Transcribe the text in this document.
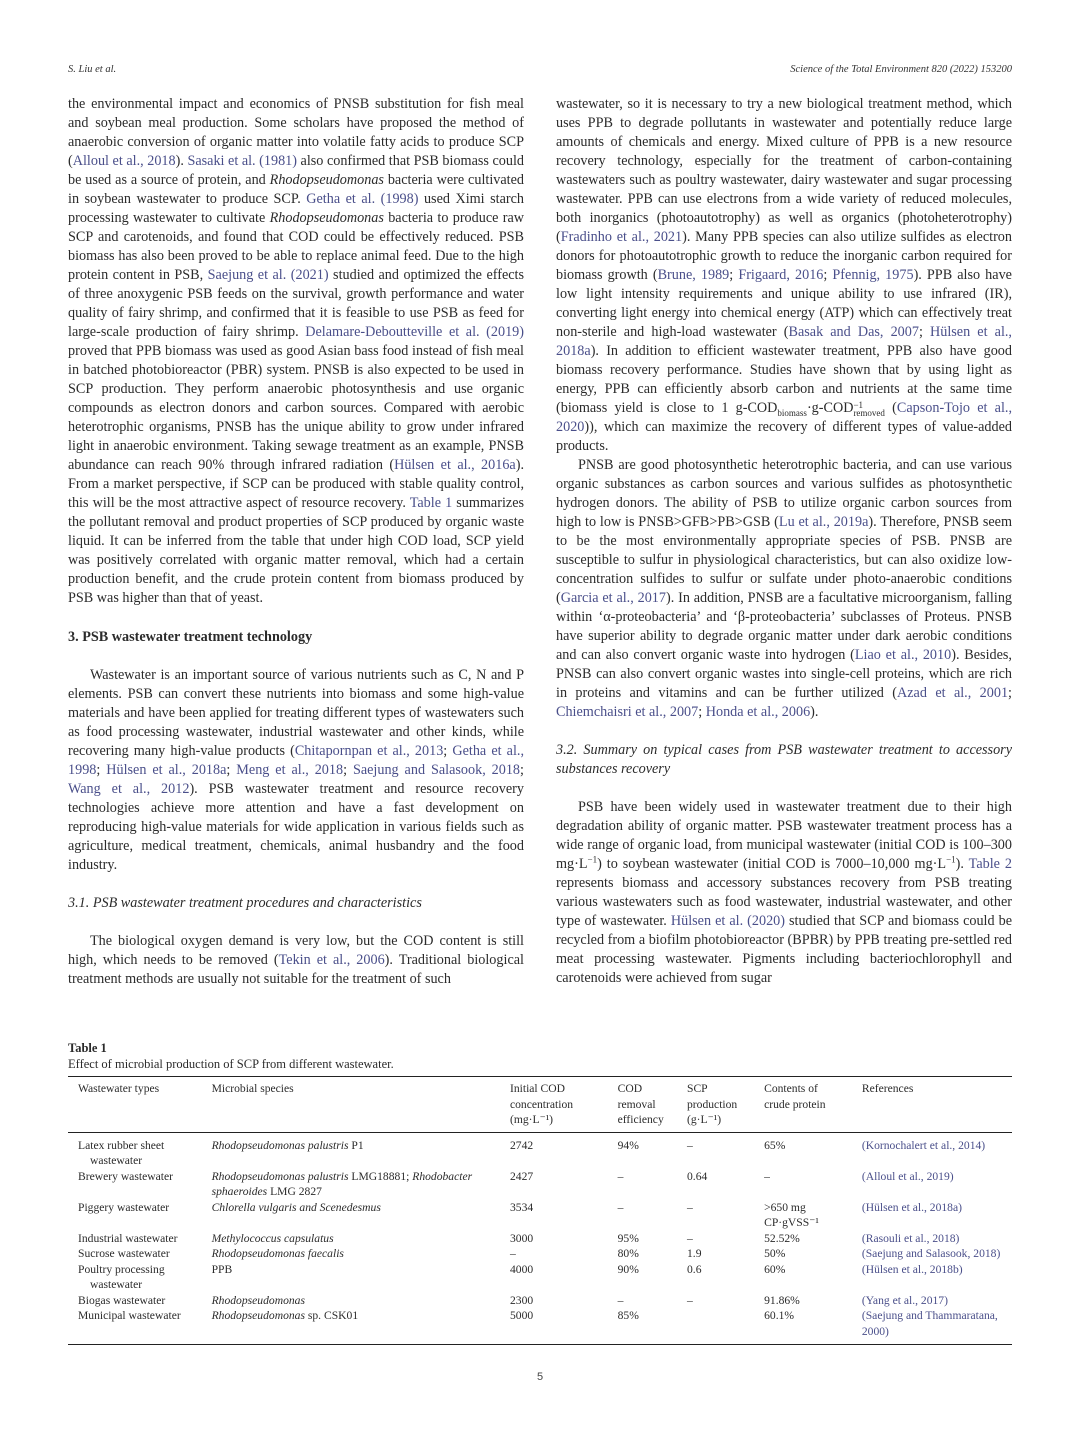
S. Liu et al.	Science of the Total Environment 820 (2022) 153200

the environmental impact and economics of PNSB substitution for fish meal and soybean meal production. Some scholars have proposed the method of anaerobic conversion of organic matter into volatile fatty acids to produce SCP (Alloul et al., 2018). Sasaki et al. (1981) also confirmed that PSB biomass could be used as a source of protein, and Rhodopseudomonas bacteria were cultivated in soybean wastewater to produce SCP. Getha et al. (1998) used Ximi starch processing wastewater to cultivate Rhodopseudomonas bacteria to produce raw SCP and carotenoids, and found that COD could be effectively reduced. PSB biomass has also been proved to be able to replace animal feed. Due to the high protein content in PSB, Saejung et al. (2021) studied and optimized the effects of three anoxygenic PSB feeds on the survival, growth performance and water quality of fairy shrimp, and confirmed that it is feasible to use PSB as feed for large-scale production of fairy shrimp. Delamare-Deboutteville et al. (2019) proved that PPB biomass was used as good Asian bass food instead of fish meal in batched photobioreactor (PBR) system. PNSB is also expected to be used in SCP production. They perform anaerobic photosynthesis and use organic compounds as electron donors and carbon sources. Compared with aerobic heterotrophic organisms, PNSB has the unique ability to grow under infrared light in anaerobic environment. Taking sewage treatment as an example, PNSB abundance can reach 90% through infrared radiation (Hülsen et al., 2016a). From a market perspective, if SCP can be produced with stable quality control, this will be the most attractive aspect of resource recovery. Table 1 summarizes the pollutant removal and product properties of SCP produced by organic waste liquid. It can be inferred from the table that under high COD load, SCP yield was positively correlated with organic matter removal, which had a certain production benefit, and the crude protein content from biomass produced by PSB was higher than that of yeast.

3. PSB wastewater treatment technology

Wastewater is an important source of various nutrients such as C, N and P elements. PSB can convert these nutrients into biomass and some high-value materials and have been applied for treating different types of wastewaters such as food processing wastewater, industrial wastewater and other kinds, while recovering many high-value products (Chitapornpan et al., 2013; Getha et al., 1998; Hülsen et al., 2018a; Meng et al., 2018; Saejung and Salasook, 2018; Wang et al., 2012). PSB wastewater treatment and resource recovery technologies achieve more attention and have a fast development on reproducing high-value materials for wide application in various fields such as agriculture, medical treatment, chemicals, animal husbandry and the food industry.

3.1. PSB wastewater treatment procedures and characteristics

The biological oxygen demand is very low, but the COD content is still high, which needs to be removed (Tekin et al., 2006). Traditional biological treatment methods are usually not suitable for the treatment of such

wastewater, so it is necessary to try a new biological treatment method, which uses PPB to degrade pollutants in wastewater and potentially reduce large amounts of chemicals and energy. Mixed culture of PPB is a new resource recovery technology, especially for the treatment of carbon-containing wastewaters such as poultry wastewater, dairy wastewater and sugar processing wastewater. PPB can use electrons from a wide variety of reduced molecules, both inorganics (photoautotrophy) as well as organics (photoheterotrophy) (Fradinho et al., 2021). Many PPB species can also utilize sulfides as electron donors for photoautotrophic growth to reduce the inorganic carbon required for biomass growth (Brune, 1989; Frigaard, 2016; Pfennig, 1975). PPB also have low light intensity requirements and unique ability to use infrared (IR), converting light energy into chemical energy (ATP) which can effectively treat non-sterile and high-load wastewater (Basak and Das, 2007; Hülsen et al., 2018a). In addition to efficient wastewater treatment, PPB also have good biomass recovery performance. Studies have shown that by using light as energy, PPB can efficiently absorb carbon and nutrients at the same time (biomass yield is close to 1 $g-COD_{biomass}\cdot g$-COD −1
removed (Capson-Tojo et al., 2020)), which can maximize the recovery of different types of value-added products.

PNSB are good photosynthetic heterotrophic bacteria, and can use various organic substances as carbon sources and various sulfides as photosynthetic hydrogen donors. The ability of PSB to utilize organic carbon sources from high to low is PNSB˃GFB˃PB˃GSB (Lu et al., 2019a). Therefore, PNSB seem to be the most environmentally appropriate species of PSB. PNSB are susceptible to sulfur in physiological characteristics, but can also oxidize low-concentration sulfides to sulfur or sulfate under photo-anaerobic conditions (Garcia et al., 2017). In addition, PNSB are a facultative microorganism, falling within ‘α-proteobacteria’ and ‘β-proteobacteria’ subclasses of Proteus. PNSB have superior ability to degrade organic matter under dark aerobic conditions and can also convert organic waste into hydrogen (Liao et al., 2010). Besides, PNSB can also convert organic wastes into single-cell proteins, which are rich in proteins and vitamins and can be further utilized (Azad et al., 2001; Chiemchaisri et al., 2007; Honda et al., 2006).

3.2. Summary on typical cases from PSB wastewater treatment to accessory substances recovery

PSB have been widely used in wastewater treatment due to their high degradation ability of organic matter. PSB wastewater treatment process has a wide range of organic load, from municipal wastewater (initial COD is 100–300 $mg\cdot L^{-1}$) to soybean wastewater (initial COD is 7000–10,000 $mg\cdot L^{-1}$). Table 2 represents biomass and accessory substances recovery from PSB treating various wastewaters such as food wastewater, industrial wastewater, and other type of wastewater. Hülsen et al. (2020) studied that SCP and biomass could be recycled from a biofilm photobioreactor (BPBR) by PPB treating pre-settled red meat processing wastewater. Pigments including bacteriochlorophyll and carotenoids were achieved from sugar

Table 1
Effect of microbial production of SCP from different wastewater.
Wastewater types	Microbial species	Initial COD concentration (mg·L⁻¹)	COD removal efficiency	SCP production (g·L⁻¹)	Contents of crude protein	References
Latex rubber sheet
wastewater	Rhodopseudomonas palustris P1	2742	94%	–	65%	(Kornochalert et al., 2014)
Brewery wastewater	Rhodopseudomonas palustris LMG18881; Rhodobacter sphaeroides LMG 2827	2427	–	0.64	–	(Alloul et al., 2019)
Piggery wastewater	Chlorella vulgaris and Scenedesmus	3534	–	–	>650 mg
CP·gVSS⁻¹	(Hülsen et al., 2018a)
Industrial wastewater	Methylococcus capsulatus	3000	95%	–	52.52%	(Rasouli et al., 2018)
Sucrose wastewater	Rhodopseudomonas faecalis	–	80%	1.9	50%	(Saejung and Salasook, 2018)
Poultry processing
wastewater	PPB	4000	90%	0.6	60%	(Hülsen et al., 2018b)
Biogas wastewater	Rhodopseudomonas	2300	–	–	91.86%	(Yang et al., 2017)
Municipal wastewater	Rhodopseudomonas sp. CSK01	5000	85%		60.1%	(Saejung and Thammaratana, 2000)
5
